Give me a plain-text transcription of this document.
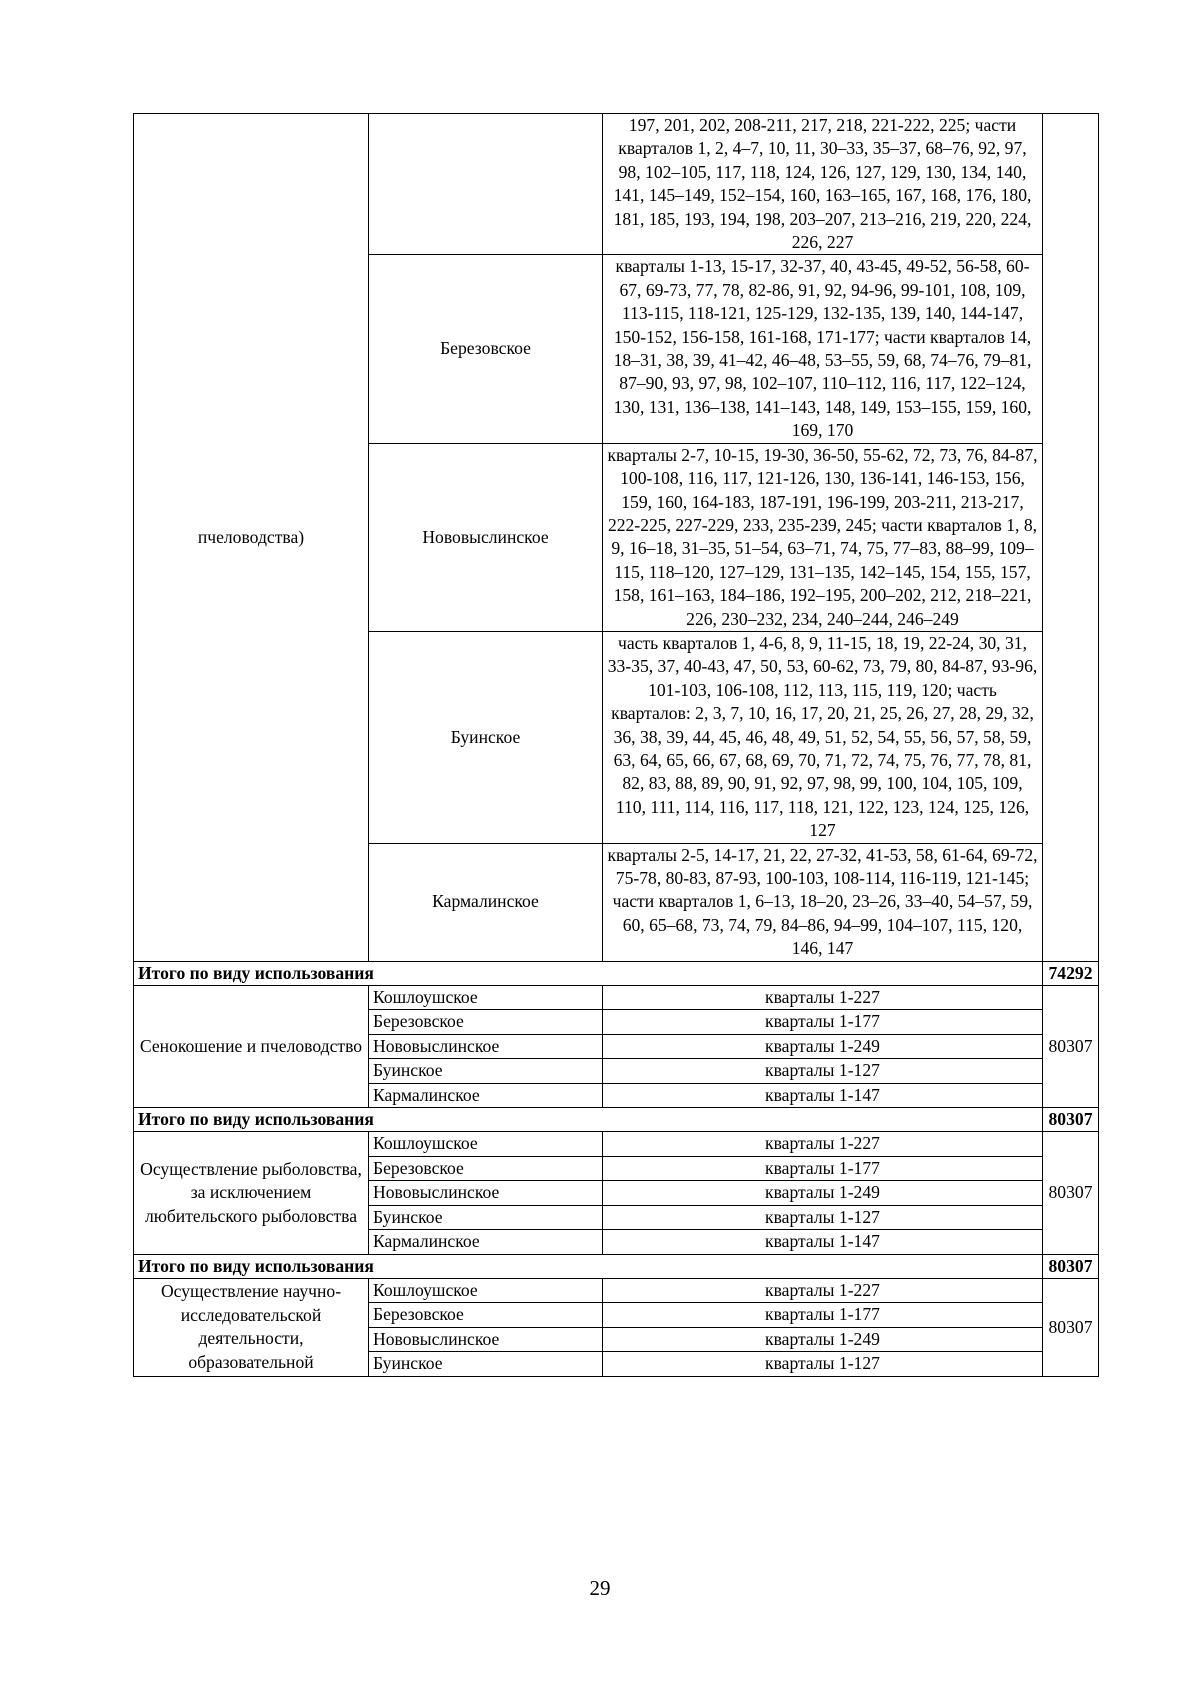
пчеловодства)		197, 201, 202, 208-211, 217, 218, 221-222, 225; части кварталов 1, 2, 4–7, 10, 11, 30–33, 35–37, 68–76, 92, 97, 98, 102–105, 117, 118, 124, 126, 127, 129, 130, 134, 140, 141, 145–149, 152–154, 160, 163–165, 167, 168, 176, 180, 181, 185, 193, 194, 198, 203–207, 213–216, 219, 220, 224, 226, 227	
	Березовское	кварталы 1-13, 15-17, 32-37, 40, 43-45, 49-52, 56-58, 60-67, 69-73, 77, 78, 82-86, 91, 92, 94-96, 99-101, 108, 109, 113-115, 118-121, 125-129, 132-135, 139, 140, 144-147, 150-152, 156-158, 161-168, 171-177; части кварталов 14, 18–31, 38, 39, 41–42, 46–48, 53–55, 59, 68, 74–76, 79–81, 87–90, 93, 97, 98, 102–107, 110–112, 116, 117, 122–124, 130, 131, 136–138, 141–143, 148, 149, 153–155, 159, 160, 169, 170	
	Нововыслинское	кварталы 2-7, 10-15, 19-30, 36-50, 55-62, 72, 73, 76, 84-87, 100-108, 116, 117, 121-126, 130, 136-141, 146-153, 156, 159, 160, 164-183, 187-191, 196-199, 203-211, 213-217, 222-225, 227-229, 233, 235-239, 245; части кварталов 1, 8, 9, 16–18, 31–35, 51–54, 63–71, 74, 75, 77–83, 88–99, 109–115, 118–120, 127–129, 131–135, 142–145, 154, 155, 157, 158, 161–163, 184–186, 192–195, 200–202, 212, 218–221, 226, 230–232, 234, 240–244, 246–249	
	Буинское	часть кварталов 1, 4-6, 8, 9, 11-15, 18, 19, 22-24, 30, 31, 33-35, 37, 40-43, 47, 50, 53, 60-62, 73, 79, 80, 84-87, 93-96, 101-103, 106-108, 112, 113, 115, 119, 120; часть кварталов: 2, 3, 7, 10, 16, 17, 20, 21, 25, 26, 27, 28, 29, 32, 36, 38, 39, 44, 45, 46, 48, 49, 51, 52, 54, 55, 56, 57, 58, 59, 63, 64, 65, 66, 67, 68, 69, 70, 71, 72, 74, 75, 76, 77, 78, 81, 82, 83, 88, 89, 90, 91, 92, 97, 98, 99, 100, 104, 105, 109, 110, 111, 114, 116, 117, 118, 121, 122, 123, 124, 125, 126, 127	
	Кармалинское	кварталы 2-5, 14-17, 21, 22, 27-32, 41-53, 58, 61-64, 69-72, 75-78, 80-83, 87-93, 100-103, 108-114, 116-119, 121-145; части кварталов 1, 6–13, 18–20, 23–26, 33–40, 54–57, 59, 60, 65–68, 73, 74, 79, 84–86, 94–99, 104–107, 115, 120, 146, 147	
Итого по виду использования			74292
Сенокошение и пчеловодство	Кошлоушское	кварталы 1-227	80307
	Березовское	кварталы 1-177	
	Нововыслинское	кварталы 1-249	
	Буинское	кварталы 1-127	
	Кармалинское	кварталы 1-147	
Итого по виду использования			80307
Осуществление рыболовства, за исключением любительского рыболовства	Кошлоушское	кварталы 1-227	80307
	Березовское	кварталы 1-177	
	Нововыслинское	кварталы 1-249	
	Буинское	кварталы 1-127	
	Кармалинское	кварталы 1-147	
Итого по виду использования			80307
Осуществление научно-исследовательской деятельности, образовательной	Кошлоушское	кварталы 1-227	80307
	Березовское	кварталы 1-177	
	Нововыслинское	кварталы 1-249	
	Буинское	кварталы 1-127	
29
